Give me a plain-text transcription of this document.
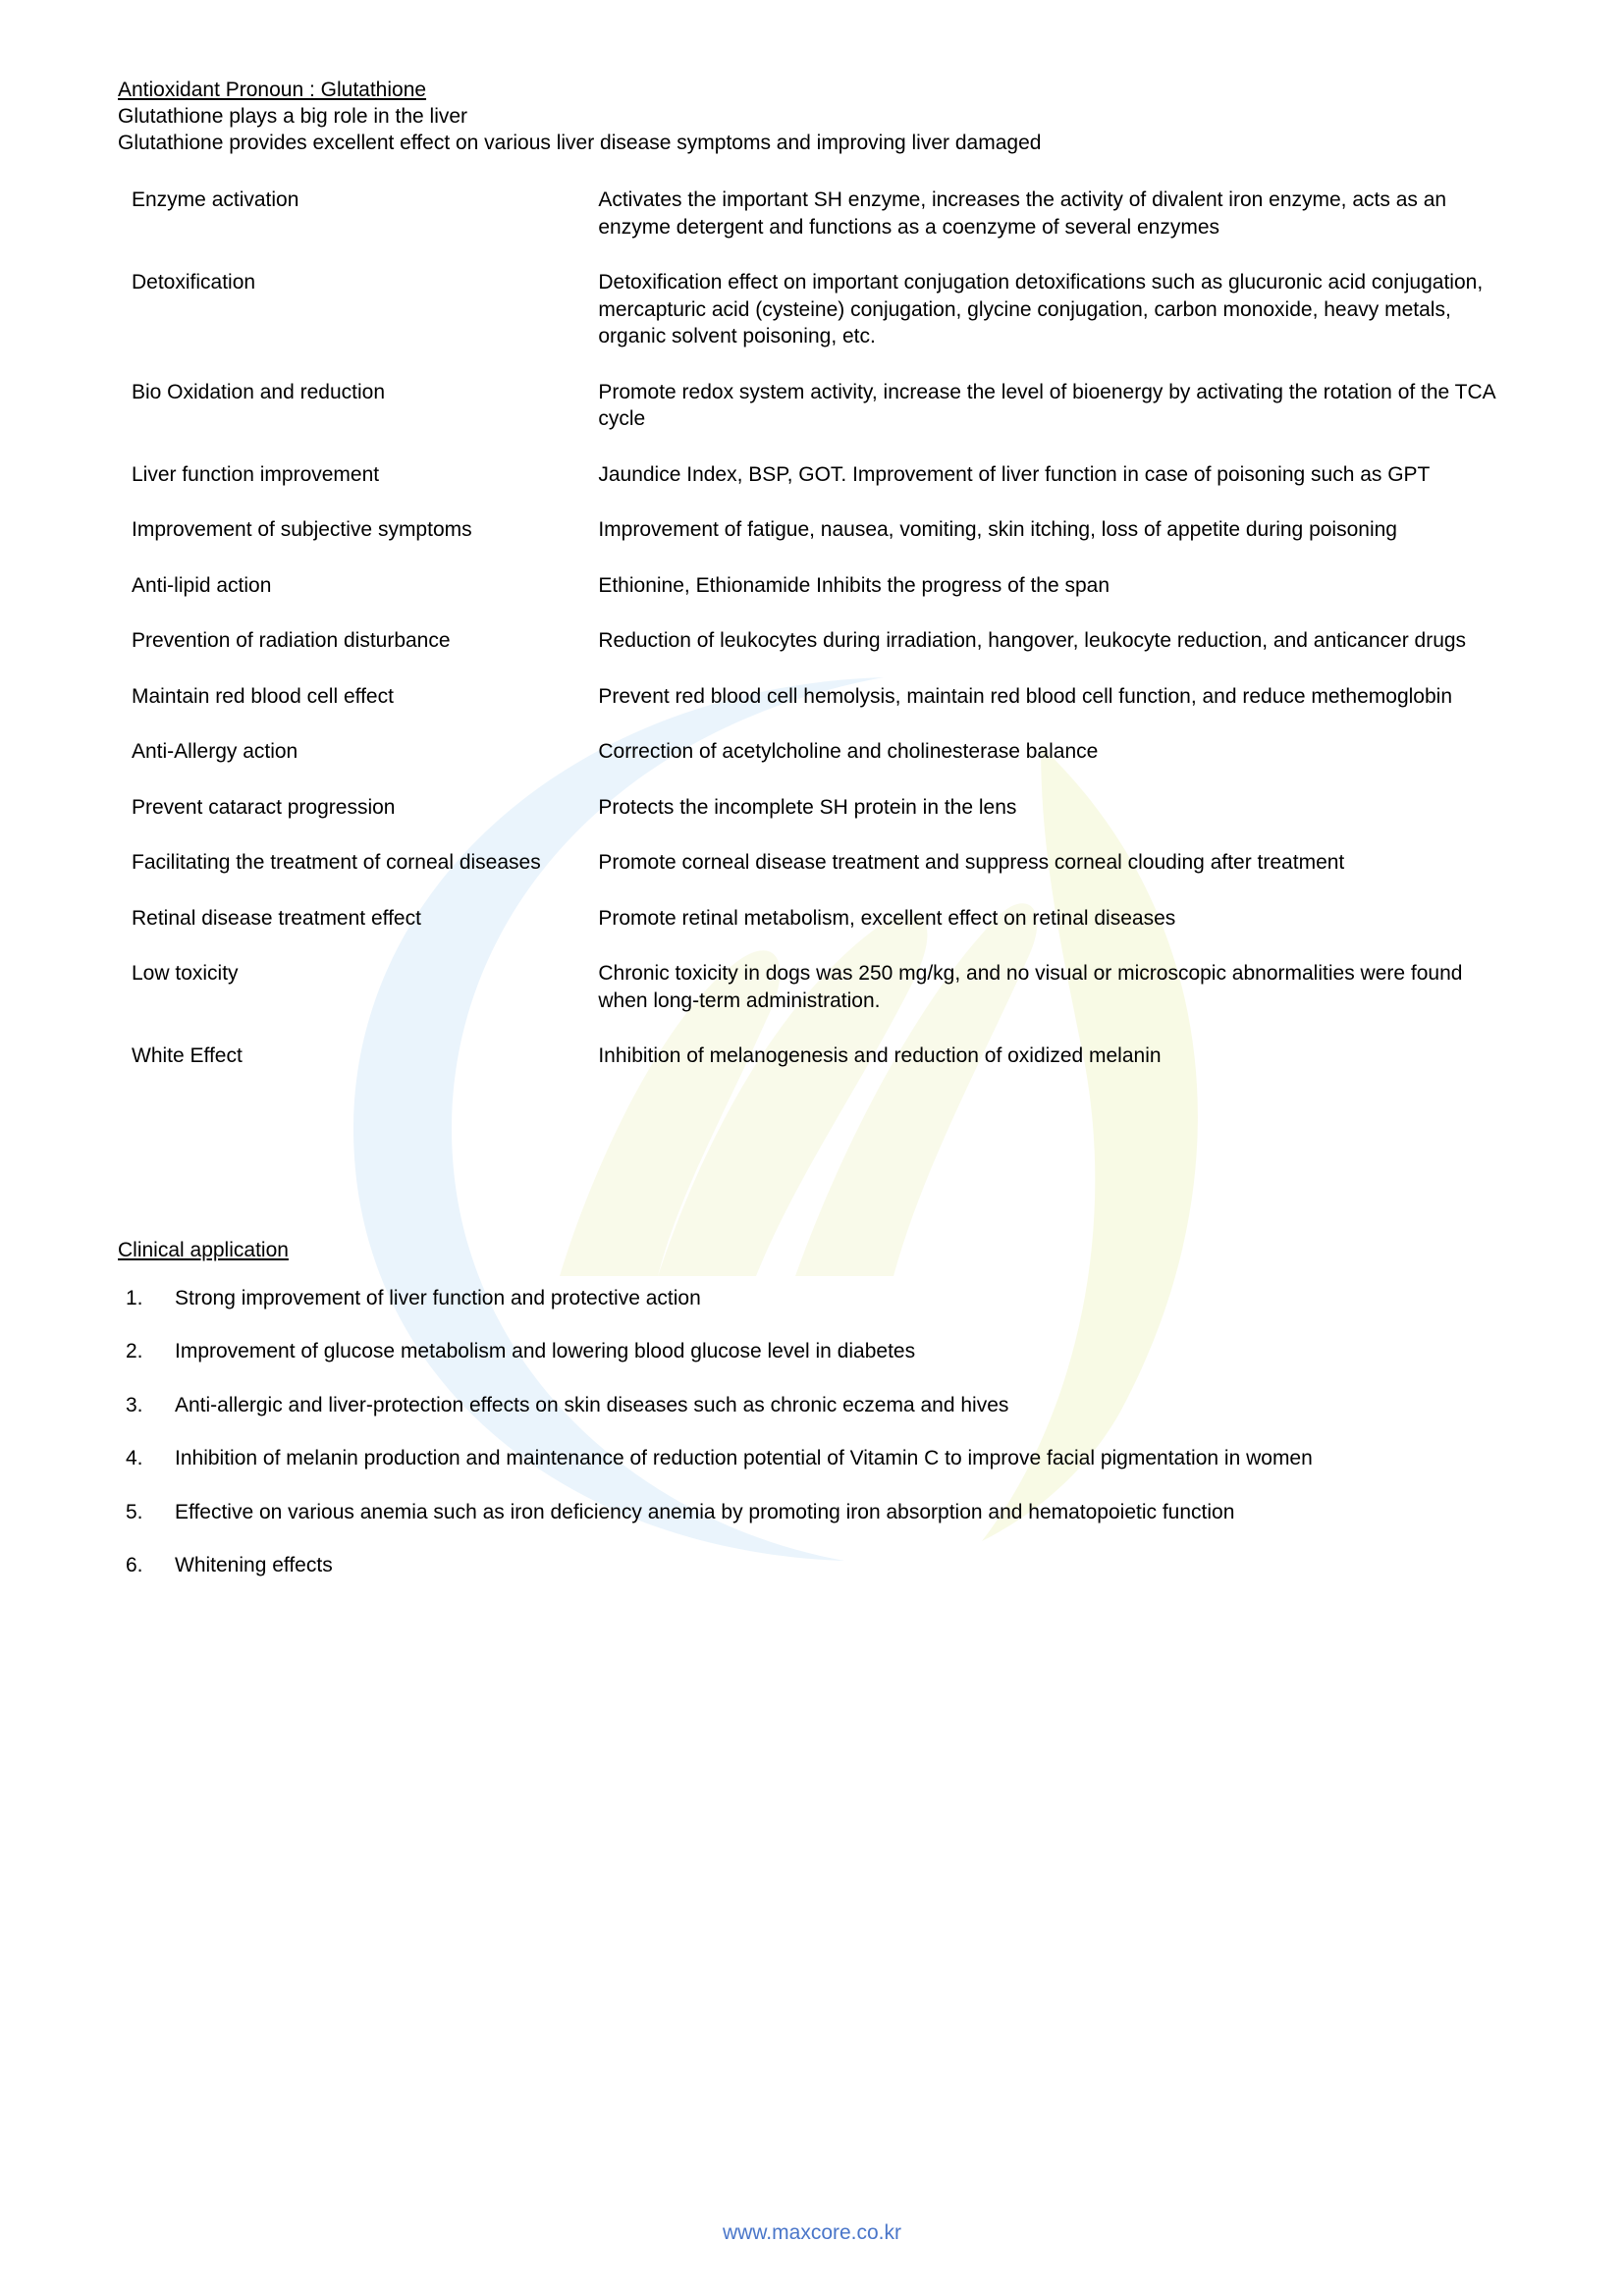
Antioxidant Pronoun : Glutathione
Glutathione plays a big role in the liver
Glutathione provides excellent effect on various liver disease symptoms and improving liver damaged
Enzyme activation	Activates the important SH enzyme, increases the activity of divalent iron enzyme, acts as an enzyme detergent and functions as a coenzyme of several enzymes
Detoxification	Detoxification effect on important conjugation detoxifications such as glucuronic acid conjugation, mercapturic acid (cysteine) conjugation, glycine conjugation, carbon monoxide, heavy metals, organic solvent poisoning, etc.
Bio Oxidation and reduction	Promote redox system activity, increase the level of bioenergy by activating the rotation of the TCA cycle
Liver function improvement	Jaundice Index, BSP, GOT. Improvement of liver function in case of poisoning such as GPT
Improvement of subjective symptoms	Improvement of fatigue, nausea, vomiting, skin itching, loss of appetite during poisoning
Anti-lipid action	Ethionine, Ethionamide Inhibits the progress of the span
Prevention of radiation disturbance	Reduction of leukocytes during irradiation, hangover, leukocyte reduction, and anticancer drugs
Maintain red blood cell effect	Prevent red blood cell hemolysis, maintain red blood cell function, and reduce methemoglobin
Anti-Allergy action	Correction of acetylcholine and cholinesterase balance
Prevent cataract progression	Protects the incomplete SH protein in the lens
Facilitating the treatment of corneal diseases	Promote corneal disease treatment and suppress corneal clouding after treatment
Retinal disease treatment effect	Promote retinal metabolism, excellent effect on retinal diseases
Low toxicity	Chronic toxicity in dogs was 250 mg/kg, and no visual or microscopic abnormalities were found when long-term administration.
White Effect	Inhibition of melanogenesis and reduction of oxidized melanin
Clinical application
1.	Strong improvement of liver function and protective action
2.	Improvement of glucose metabolism and lowering blood glucose level in diabetes
3.	Anti-allergic and liver-protection effects on skin diseases such as chronic eczema and hives
4.	Inhibition of melanin production and maintenance of reduction potential of Vitamin C to improve facial pigmentation in women
5.	Effective on various anemia such as iron deficiency anemia by promoting iron absorption and hematopoietic function
6.	Whitening effects
www.maxcore.co.kr
